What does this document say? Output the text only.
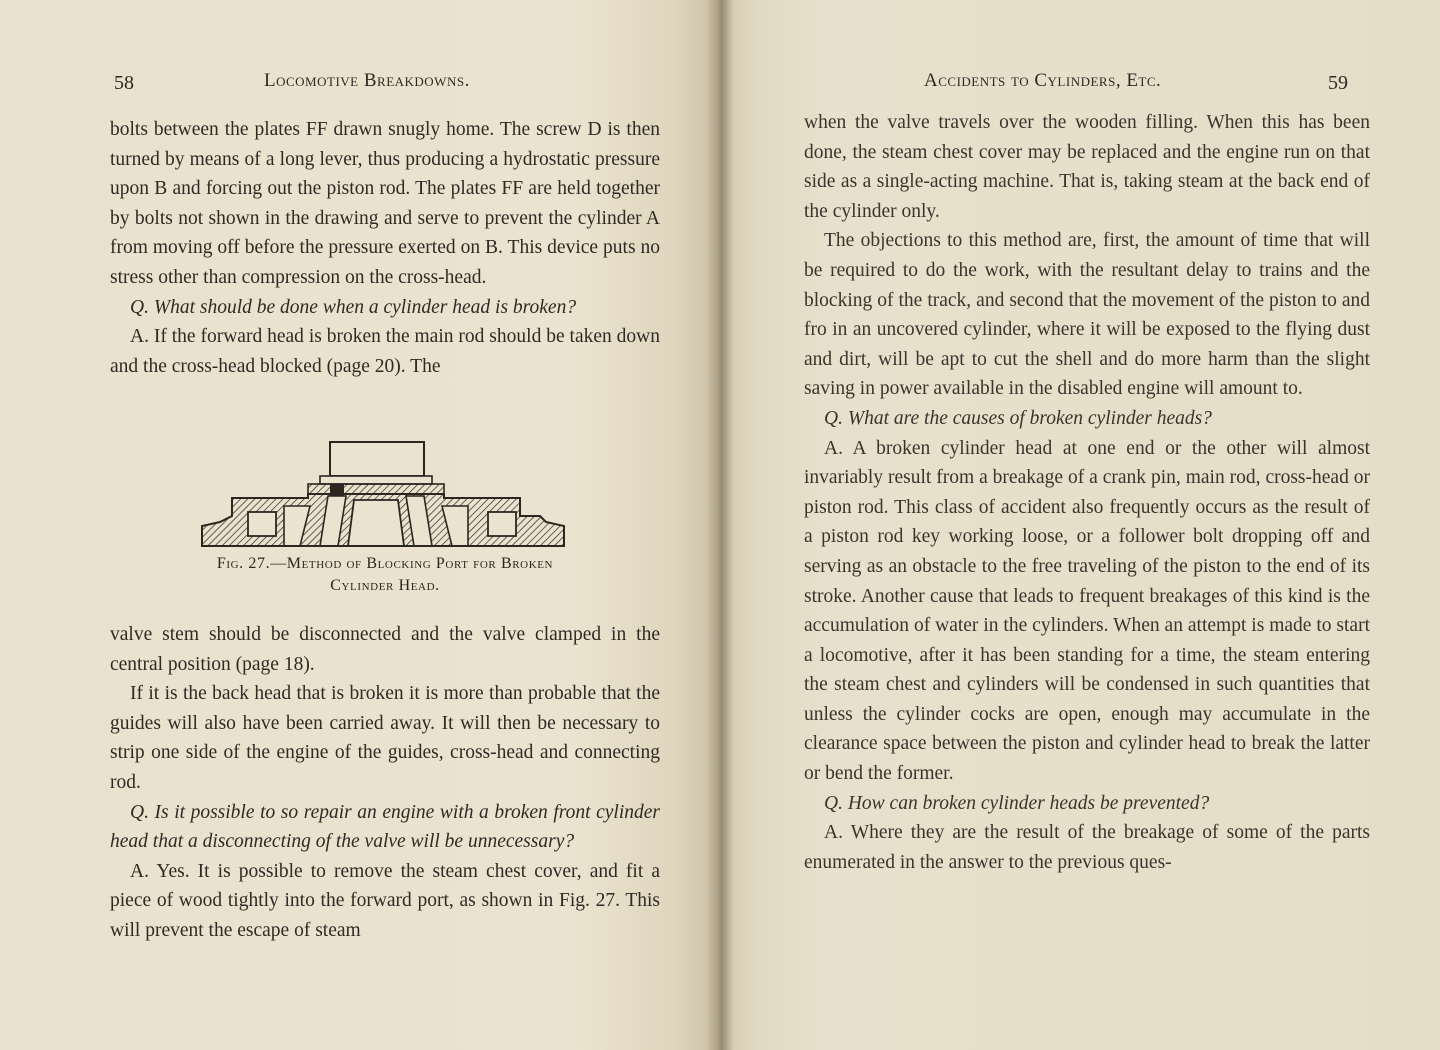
58	Locomotive Breakdowns.

bolts between the plates FF drawn snugly home. The screw D is then turned by means of a long lever, thus producing a hydrostatic pressure upon B and forcing out the piston rod. The plates FF are held together by bolts not shown in the drawing and serve to prevent the cylinder A from moving off before the pressure exerted on B. This device puts no stress other than compression on the cross-head.

Q. What should be done when a cylinder head is broken?

A. If the forward head is broken the main rod should be taken down and the cross-head blocked (page 20). The

Fig. 27.—Method of Blocking Port for Broken
Cylinder Head.

valve stem should be disconnected and the valve clamped in the central position (page 18).

If it is the back head that is broken it is more than probable that the guides will also have been carried away. It will then be necessary to strip one side of the engine of the guides, cross-head and connecting rod.

Q. Is it possible to so repair an engine with a broken front cylinder head that a disconnecting of the valve will be unnecessary?

A. Yes. It is possible to remove the steam chest cover, and fit a piece of wood tightly into the forward port, as shown in Fig. 27. This will prevent the escape of steam

Accidents to Cylinders, Etc.	59

when the valve travels over the wooden filling. When this has been done, the steam chest cover may be replaced and the engine run on that side as a single-acting machine. That is, taking steam at the back end of the cylinder only.

The objections to this method are, first, the amount of time that will be required to do the work, with the resultant delay to trains and the blocking of the track, and second that the movement of the piston to and fro in an uncovered cylinder, where it will be exposed to the flying dust and dirt, will be apt to cut the shell and do more harm than the slight saving in power available in the disabled engine will amount to.

Q. What are the causes of broken cylinder heads?

A. A broken cylinder head at one end or the other will almost invariably result from a breakage of a crank pin, main rod, cross-head or piston rod. This class of accident also frequently occurs as the result of a piston rod key working loose, or a follower bolt dropping off and serving as an obstacle to the free traveling of the piston to the end of its stroke. Another cause that leads to frequent breakages of this kind is the accumulation of water in the cylinders. When an attempt is made to start a locomotive, after it has been standing for a time, the steam entering the steam chest and cylinders will be condensed in such quantities that unless the cylinder cocks are open, enough may accumulate in the clearance space between the piston and cylinder head to break the latter or bend the former.

Q. How can broken cylinder heads be prevented?

A. Where they are the result of the breakage of some of the parts enumerated in the answer to the previous ques-
